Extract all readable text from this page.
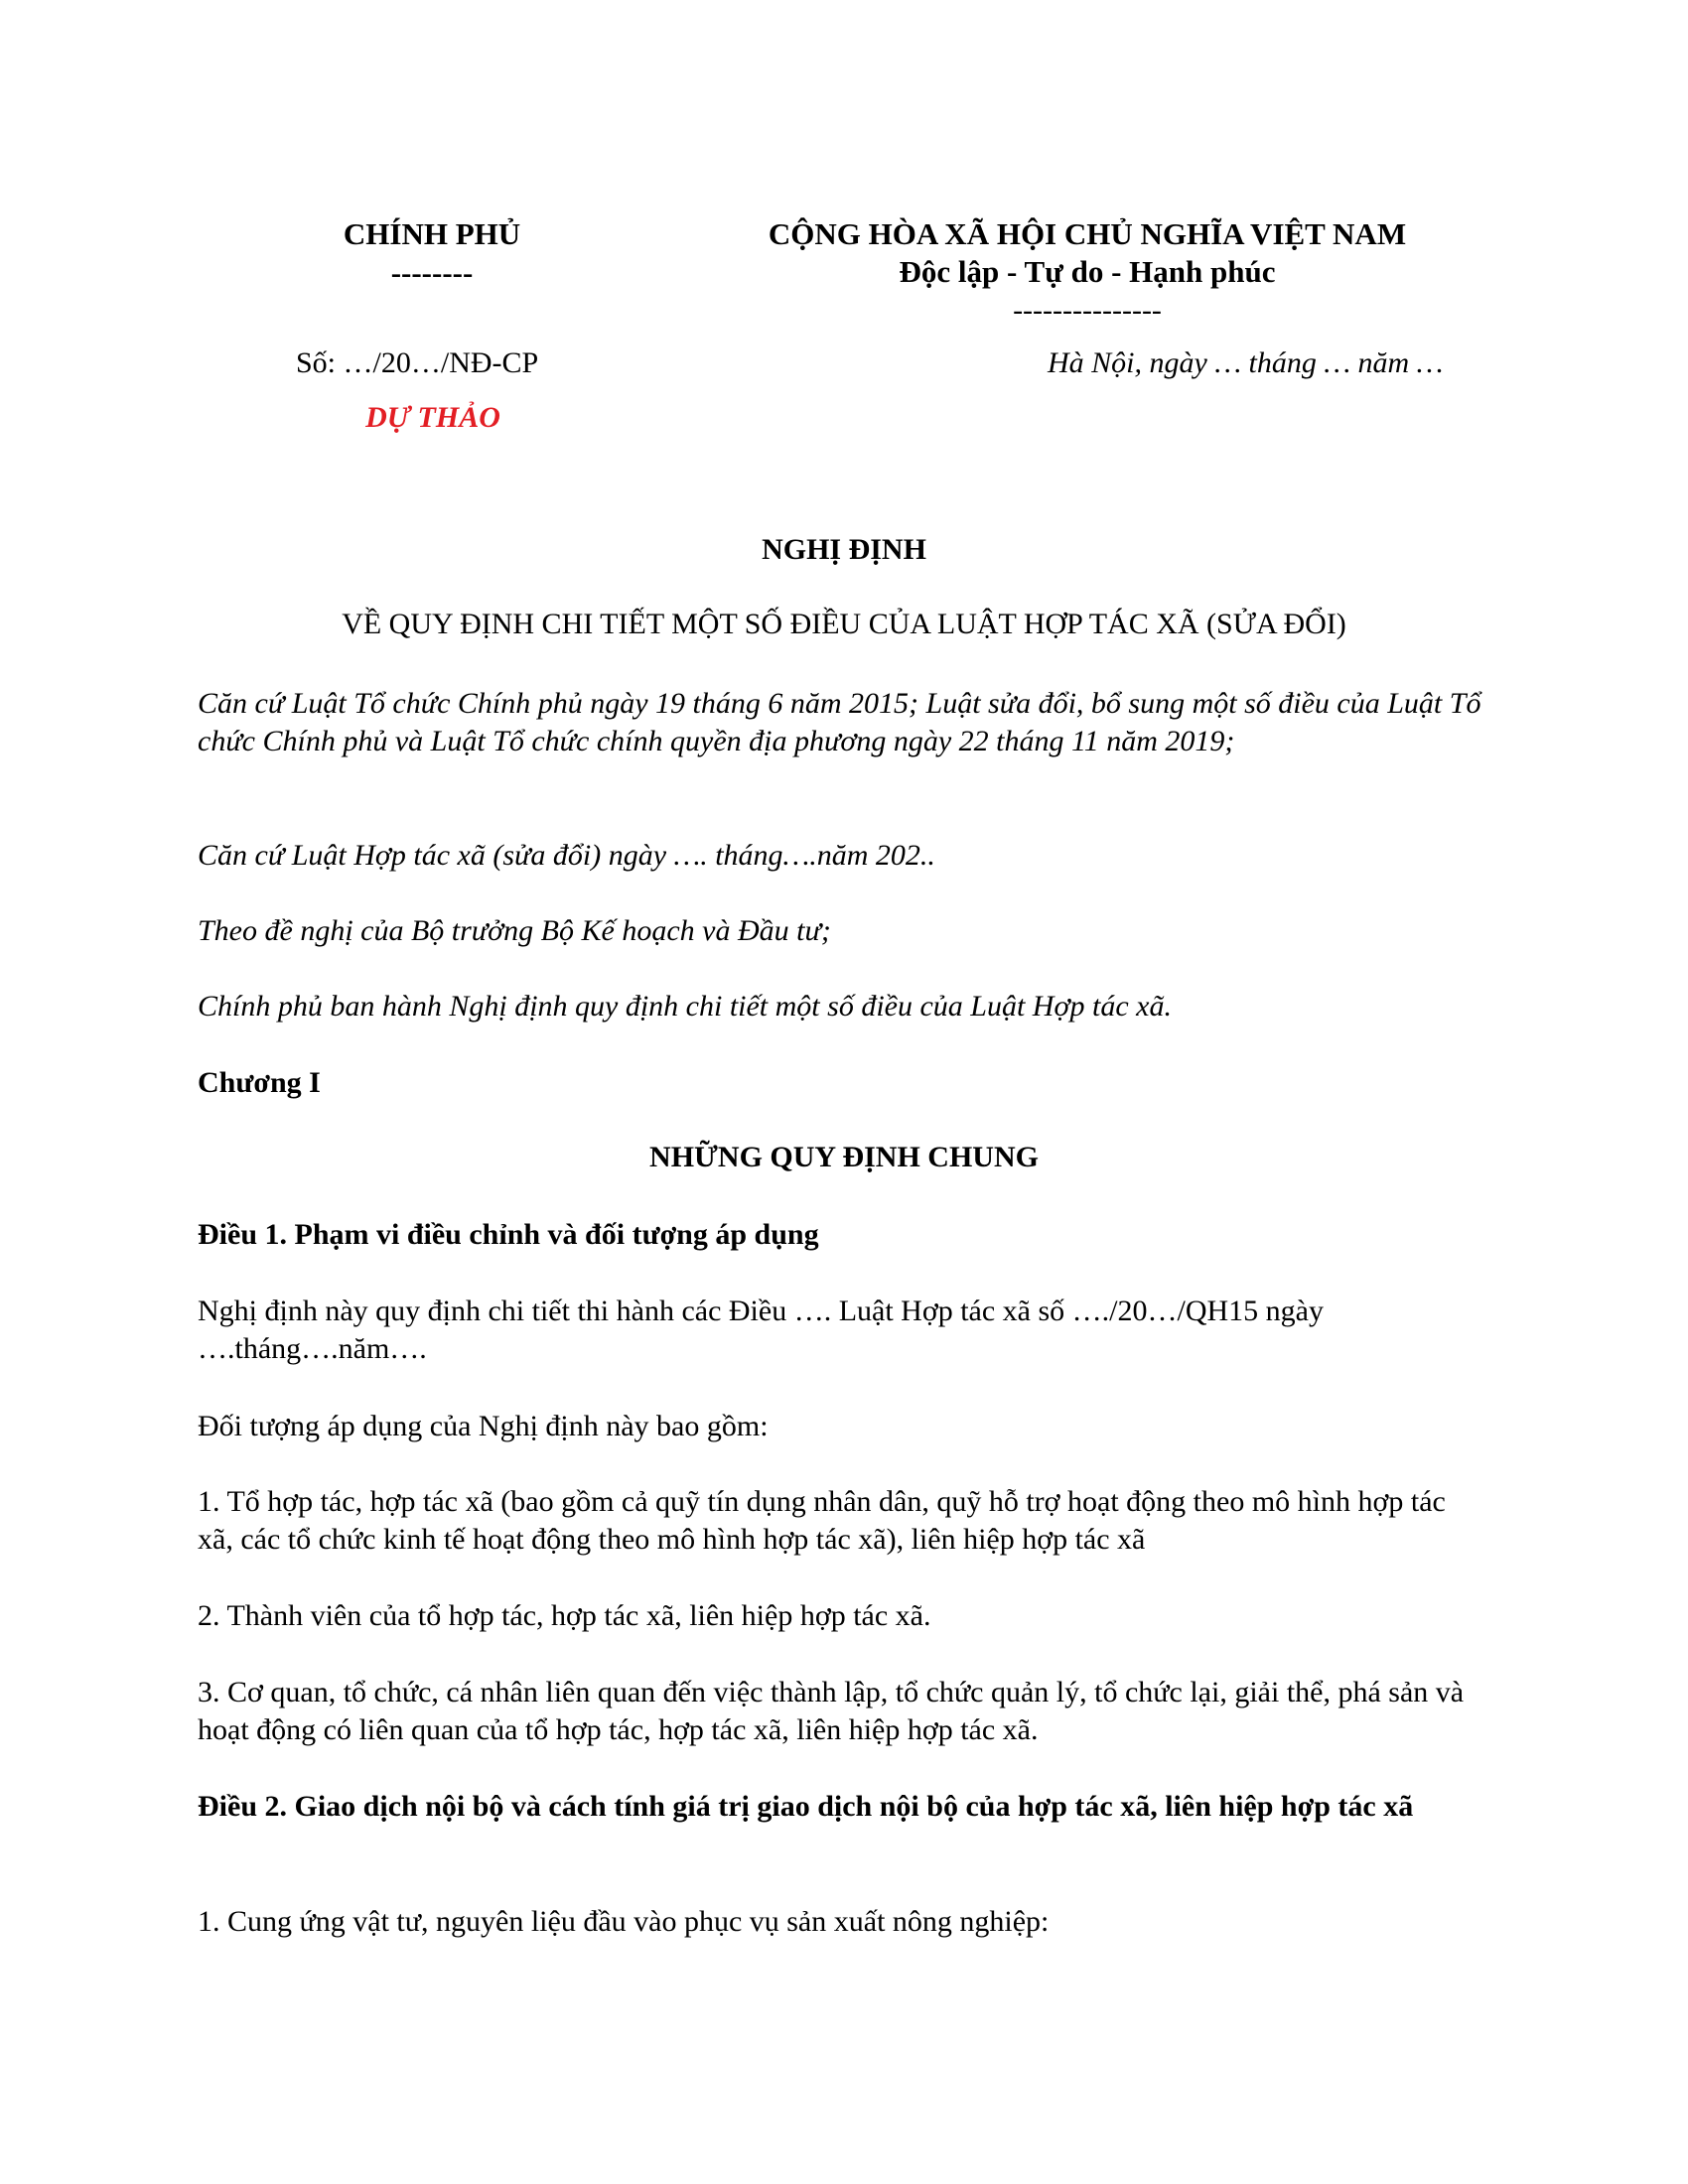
CHÍNH PHỦ
--------
Số: …/20…/NĐ-CP
DỰ THẢO
CỘNG HÒA XÃ HỘI CHỦ NGHĨA VIỆT NAM
Độc lập - Tự do - Hạnh phúc
---------------
Hà Nội, ngày … tháng … năm …
NGHỊ ĐỊNH
VỀ QUY ĐỊNH CHI TIẾT MỘT SỐ ĐIỀU CỦA LUẬT HỢP TÁC XÃ (SỬA ĐỔI)

Căn cứ Luật Tổ chức Chính phủ ngày 19 tháng 6 năm 2015; Luật sửa đổi, bổ sung một số điều của Luật Tổ chức Chính phủ và Luật Tổ chức chính quyền địa phương ngày 22 tháng 11 năm 2019;

Căn cứ Luật Hợp tác xã (sửa đổi) ngày …. tháng….năm 202..

Theo đề nghị của Bộ trưởng Bộ Kế hoạch và Đầu tư;

Chính phủ ban hành Nghị định quy định chi tiết một số điều của Luật Hợp tác xã.

Chương I

NHỮNG QUY ĐỊNH CHUNG

Điều 1. Phạm vi điều chỉnh và đối tượng áp dụng

Nghị định này quy định chi tiết thi hành các Điều …. Luật Hợp tác xã số …./20…/QH15 ngày ….tháng….năm….

Đối tượng áp dụng của Nghị định này bao gồm:

1. Tổ hợp tác, hợp tác xã (bao gồm cả quỹ tín dụng nhân dân, quỹ hỗ trợ hoạt động theo mô hình hợp tác xã, các tổ chức kinh tế hoạt động theo mô hình hợp tác xã), liên hiệp hợp tác xã

2. Thành viên của tổ hợp tác, hợp tác xã, liên hiệp hợp tác xã.

3. Cơ quan, tổ chức, cá nhân liên quan đến việc thành lập, tổ chức quản lý, tổ chức lại, giải thể, phá sản và hoạt động có liên quan của tổ hợp tác, hợp tác xã, liên hiệp hợp tác xã.

Điều 2. Giao dịch nội bộ và cách tính giá trị giao dịch nội bộ của hợp tác xã, liên hiệp hợp tác xã

1. Cung ứng vật tư, nguyên liệu đầu vào phục vụ sản xuất nông nghiệp:
